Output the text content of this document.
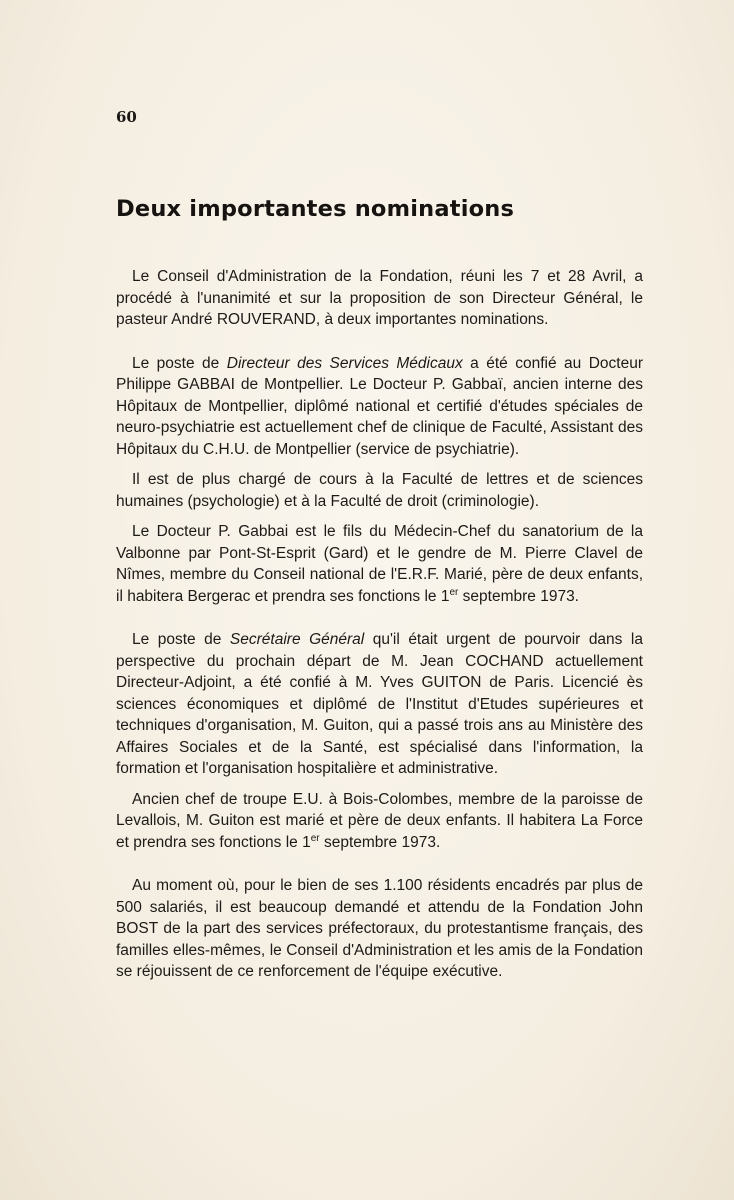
60
Deux importantes nominations

Le Conseil d'Administration de la Fondation, réuni les 7 et 28 Avril, a procédé à l'unanimité et sur la proposition de son Directeur Général, le pasteur André ROUVERAND, à deux importantes nominations.

Le poste de Directeur des Services Médicaux a été confié au Docteur Philippe GABBAI de Montpellier. Le Docteur P. Gabbaï, ancien interne des Hôpitaux de Montpellier, diplômé national et certifié d'études spéciales de neuro-psychiatrie est actuellement chef de clinique de Faculté, Assistant des Hôpitaux du C.H.U. de Montpellier (service de psychiatrie).

Il est de plus chargé de cours à la Faculté de lettres et de sciences humaines (psychologie) et à la Faculté de droit (criminologie).

Le Docteur P. Gabbai est le fils du Médecin-Chef du sanatorium de la Valbonne par Pont-St-Esprit (Gard) et le gendre de M. Pierre Clavel de Nîmes, membre du Conseil national de l'E.R.F. Marié, père de deux enfants, il habitera Bergerac et prendra ses fonctions le 1er septembre 1973.

Le poste de Secrétaire Général qu'il était urgent de pourvoir dans la perspective du prochain départ de M. Jean COCHAND actuellement Directeur-Adjoint, a été confié à M. Yves GUITON de Paris. Licencié ès sciences économiques et diplômé de l'Institut d'Etudes supérieures et techniques d'organisation, M. Guiton, qui a passé trois ans au Ministère des Affaires Sociales et de la Santé, est spécialisé dans l'information, la formation et l'organisation hospitalière et administrative.

Ancien chef de troupe E.U. à Bois-Colombes, membre de la paroisse de Levallois, M. Guiton est marié et père de deux enfants. Il habitera La Force et prendra ses fonctions le 1er septembre 1973.

Au moment où, pour le bien de ses 1.100 résidents encadrés par plus de 500 salariés, il est beaucoup demandé et attendu de la Fondation John BOST de la part des services préfectoraux, du protestantisme français, des familles elles-mêmes, le Conseil d'Administration et les amis de la Fondation se réjouissent de ce renforcement de l'équipe exécutive.
